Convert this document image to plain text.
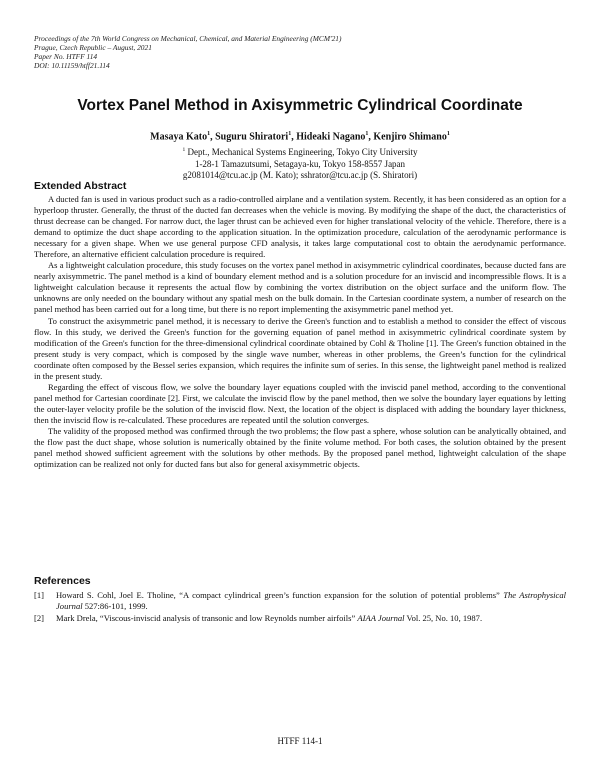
Proceedings of the 7th World Congress on Mechanical, Chemical, and Material Engineering (MCM'21)
Prague, Czech Republic – August, 2021
Paper No. HTFF 114
DOI: 10.11159/htff21.114
Vortex Panel Method in Axisymmetric Cylindrical Coordinate
Masaya Kato$^1$, Suguru Shiratori$^1$, Hideaki Nagano$^1$, Kenjiro Shimano$^1$
$^1$ Dept., Mechanical Systems Engineering, Tokyo City University
1-28-1 Tamazutsumi, Setagaya-ku, Tokyo 158-8557 Japan
g2081014@tcu.ac.jp (M. Kato); sshrator@tcu.ac.jp (S. Shiratori)
Extended Abstract

A ducted fan is used in various product such as a radio-controlled airplane and a ventilation system. Recently, it has been considered as an option for a hyperloop thruster. Generally, the thrust of the ducted fan decreases when the vehicle is moving. By modifying the shape of the duct, the characteristics of thrust decrease can be changed. For narrow duct, the lager thrust can be achieved even for higher translational velocity of the vehicle. Therefore, there is a demand to optimize the duct shape according to the application situation. In the optimization procedure, calculation of the aerodynamic performance is necessary for a given shape. When we use general purpose CFD analysis, it takes large computational cost to obtain the aerodynamic performance. Therefore, an alternative efficient calculation procedure is required.

As a lightweight calculation procedure, this study focuses on the vortex panel method in axisymmetric cylindrical coordinates, because ducted fans are nearly axisymmetric. The panel method is a kind of boundary element method and is a solution procedure for an inviscid and incompressible flows. It is a lightweight calculation because it represents the actual flow by combining the vortex distribution on the object surface and the uniform flow. The unknowns are only needed on the boundary without any spatial mesh on the bulk domain. In the Cartesian coordinate system, a number of research on the panel method has been carried out for a long time, but there is no report implementing the axisymmetric panel method yet.

To construct the axisymmetric panel method, it is necessary to derive the Green's function and to establish a method to consider the effect of viscous flow. In this study, we derived the Green's function for the governing equation of panel method in axisymmetric cylindrical coordinate system by modification of the Green's function for the three-dimensional cylindrical coordinate obtained by Cohl & Tholine [1]. The Green's function obtained in the present study is very compact, which is composed by the single wave number, whereas in other problems, the Green’s function for the cylindrical coordinate often composed by the Bessel series expansion, which requires the infinite sum of series. In this sense, the lightweight panel method is realized in the present study.

Regarding the effect of viscous flow, we solve the boundary layer equations coupled with the inviscid panel method, according to the conventional panel method for Cartesian coordinate [2]. First, we calculate the inviscid flow by the panel method, then we solve the boundary layer equations by letting the outer-layer velocity profile be the solution of the inviscid flow. Next, the location of the object is displaced with adding the boundary layer thickness, then the inviscid flow is re-calculated. These procedures are repeated until the solution converges.

The validity of the proposed method was confirmed through the two problems; the flow past a sphere, whose solution can be analytically obtained, and the flow past the duct shape, whose solution is numerically obtained by the finite volume method. For both cases, the solution obtained by the present panel method showed sufficient agreement with the solutions by other methods. By the proposed panel method, lightweight calculation of the shape optimization can be realized not only for ducted fans but also for general axisymmetric objects.

References
[1]	Howard S. Cohl, Joel E. Tholine, “A compact cylindrical green’s function expansion for the solution of potential problems” The Astrophysical Journal 527:86-101, 1999.
[2]	Mark Drela, “Viscous-inviscid analysis of transonic and low Reynolds number airfoils” AIAA Journal Vol. 25, No. 10, 1987.
HTFF 114-1
